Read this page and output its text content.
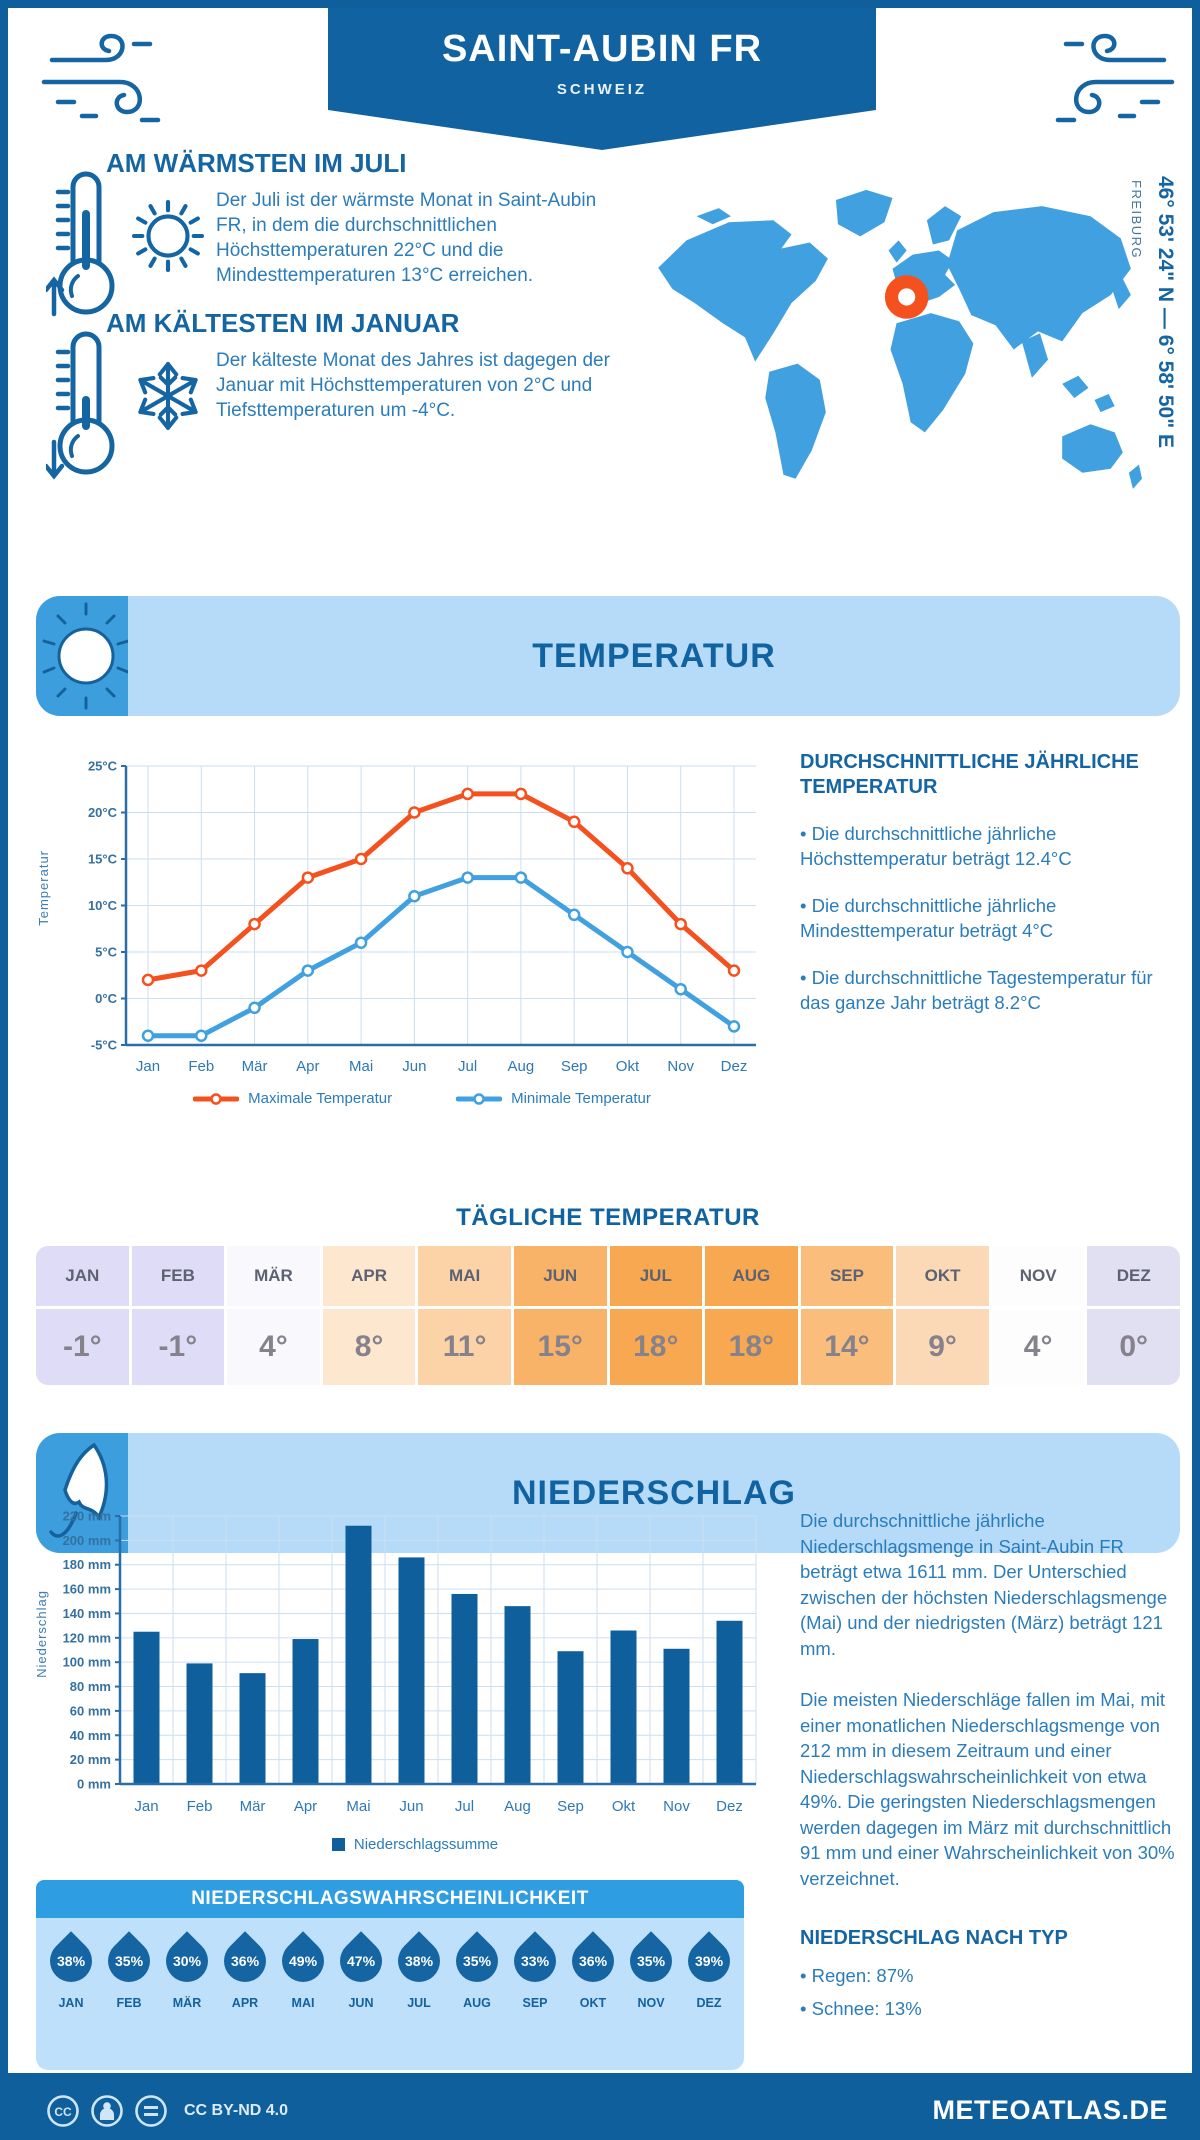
SAINT-AUBIN FR
SCHWEIZ
AM WÄRMSTEN IM JULI
Der Juli ist der wärmste Monat in Saint-Aubin FR, in dem die durchschnittlichen Höchsttemperaturen 22°C und die Mindesttemperaturen 13°C erreichen.
AM KÄLTESTEN IM JANUAR
Der kälteste Monat des Jahres ist dagegen der Januar mit Höchsttemperaturen von 2°C und Tiefsttemperaturen um -4°C.	46° 53' 24" N — 6° 58' 50" E
FREIBURG
TEMPERATUR
Temperatur
-5°C
0°C
5°C
10°C
15°C
20°C
25°C
Jan Feb Mär Apr Mai Jun Jul Aug Sep Okt Nov Dez
Maximale Temperatur	Minimale Temperatur
DURCHSCHNITTLICHE JÄHRLICHE TEMPERATUR
• Die durchschnittliche jährliche Höchsttemperatur beträgt 12.4°C
• Die durchschnittliche jährliche Mindesttemperatur beträgt 4°C
• Die durchschnittliche Tagestemperatur für das ganze Jahr beträgt 8.2°C
TÄGLICHE TEMPERATUR
JAN	FEB	MÄR	APR	MAI	JUN	JUL	AUG	SEP	OKT	NOV	DEZ
-1°	-1°	4°	8°	11°	15°	18°	18°	14°	9°	4°	0°
NIEDERSCHLAG
Niederschlag
0 mm
20 mm
40 mm
60 mm
80 mm
100 mm
120 mm
140 mm
160 mm
180 mm
200 mm
220 mm
Jan Feb Mär Apr Mai Jun Jul Aug Sep Okt Nov Dez
Niederschlagssumme

Die durchschnittliche jährliche Niederschlagsmenge in Saint-Aubin FR beträgt etwa 1611 mm. Der Unterschied zwischen der höchsten Niederschlagsmenge (Mai) und der niedrigsten (März) beträgt 121 mm.

Die meisten Niederschläge fallen im Mai, mit einer monatlichen Niederschlagsmenge von 212 mm in diesem Zeitraum und einer Niederschlagswahrscheinlichkeit von etwa 49%. Die geringsten Niederschlagsmengen werden dagegen im März mit durchschnittlich 91 mm und einer Wahrscheinlichkeit von 30% verzeichnet.

NIEDERSCHLAG NACH TYP
• Regen: 87%
• Schnee: 13%
NIEDERSCHLAGSWAHRSCHEINLICHKEIT
38%
JAN
35%
FEB
30%
MÄR
36%
APR
49%
MAI
47%
JUN
38%
JUL
35%
AUG
33%
SEP
36%
OKT
35%
NOV
39%
DEZ
CC	CC BY-ND 4.0	METEOATLAS.DE
